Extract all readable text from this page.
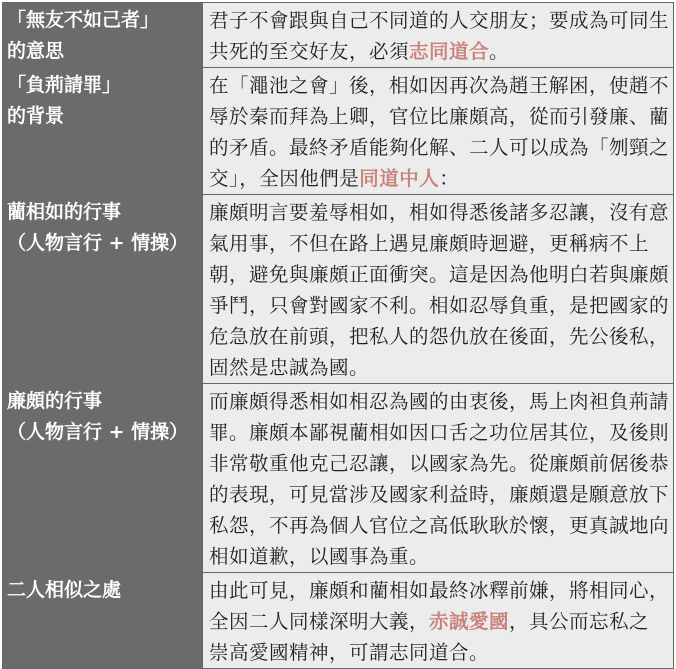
「無友不如己者」
的意思	君子不會跟與自己不同道的人交朋友；要成為可同生共死的至交好友，必須志同道合。

「負荊請罪」
的背景	在「澠池之會」後，相如因再次為趙王解困，使趙不辱於秦而拜為上卿，官位比廉頗高，從而引發廉、藺的矛盾。最終矛盾能夠化解、二人可以成為「刎頸之交」，全因他們是同道中人：

藺相如的行事
（人物言行 + 情操）	廉頗明言要羞辱相如，相如得悉後諸多忍讓，沒有意氣用事，不但在路上遇見廉頗時迴避，更稱病不上朝，避免與廉頗正面衝突。這是因為他明白若與廉頗爭鬥，只會對國家不利。相如忍辱負重，是把國家的危急放在前頭，把私人的怨仇放在後面，先公後私，固然是忠誠為國。

廉頗的行事
（人物言行 + 情操）	而廉頗得悉相如相忍為國的由衷後，馬上肉袒負荊請罪。廉頗本鄙視藺相如因口舌之功位居其位，及後則非常敬重他克己忍讓，以國家為先。從廉頗前倨後恭的表現，可見當涉及國家利益時，廉頗還是願意放下私怨，不再為個人官位之高低耿耿於懷，更真誠地向相如道歉，以國事為重。

二人相似之處	由此可見，廉頗和藺相如最終冰釋前嫌，將相同心，全因二人同樣深明大義，赤誠愛國，具公而忘私之崇高愛國精神，可謂志同道合。
